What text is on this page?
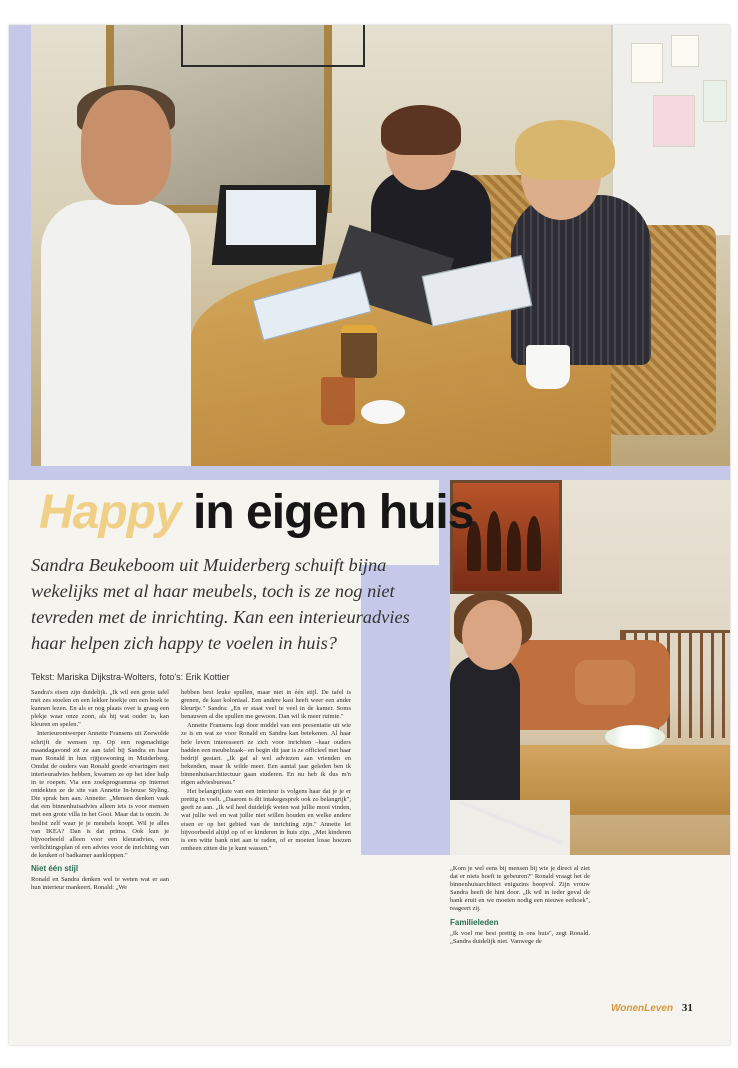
Happy in eigen huis

Sandra Beukeboom uit Muiderberg schuift bijna wekelijks met al haar meubels, toch is ze nog niet tevreden met de inrichting. Kan een interieuradvies haar helpen zich happy te voelen in huis?

Tekst: Mariska Dijkstra-Wolters, foto's: Erik Kottier

Sandra's eisen zijn duidelijk. „Ik wil een grote tafel met zes stoelen en een lekker hoekje om een boek te kunnen lezen. En als er nog plaats over is graag een plekje waar onze zoon, als hij wat ouder is, kan kleuren en spelen."

Interieurontwerper Annette Fransens uit Zeewolde schrijft de wensen op. Op een regenachtige maandagavond zit ze aan tafel bij Sandra en haar man Ronald in hun rijtjeswoning in Muiderberg. Omdat de ouders van Ronald goede ervaringen met interieuradvies hebben, kwamen ze op het idee hulp in te roepen. Via een zoekprogramma op internet ontdekten ze de site van Annette In-house Styling. Die sprak hen aan. Annette: „Mensen denken vaak dat een binnenhuisadvies alleen iets is voor mensen met een grote villa in het Gooi. Maar dat is onzin. Je beslist zelf waar je je meubels koopt. Wil je alles van IKEA? Dan is dat prima. Ook kun je bijvoorbeeld alleen voor een kleuradvies, een verlichtingsplan of een advies voor de inrichting van de keuken of badkamer aankloppen."

Niet één stijl

Ronald en Sandra denken wel te weten wat er aan hun interieur mankeert. Ronald: „We

hebben best leuke spullen, maar niet in één stijl. De tafel is grenen, de kast koloniaal. Een andere kast heeft weer een ander kleurtje." Sandra: „En er staat veel te veel in de kamer. Soms benauwen al die spullen me gewoon. Dan wil ik meer ruimte."

Annette Fransens legt door middel van een presentatie uit wie ze is en wat ze voor Ronald en Sandra kan betekenen. Al haar hele leven interesseert ze zich voor inrichten –haar ouders hadden een meubelzaak– en begin dit jaar is ze officieel met haar bedrijf gestart. „Ik gaf al wel adviezen aan vrienden en bekenden, maar ik wilde meer. Een aantal jaar geleden ben ik binnenhuisarchitectuur gaan studeren. En nu heb ik dus m'n eigen adviesbureau."

Het belangrijkste van een interieur is volgens haar dat je je er prettig in voelt. „Daarom is dit intakegesprek ook zo belangrijk", geeft ze aan. „Ik wil heel duidelijk weten wat jullie mooi vinden, wat jullie wel en wat jullie niet willen houden en welke andere eisen er op het gebied van de inrichting zijn." Annette let bijvoorbeeld altijd op of er kinderen in huis zijn. „Met kinderen is een witte bank niet aan te raden, of er moeten losse hoezen omheen zitten die je kunt wassen."

„Kom je wel eens bij mensen bij wie je direct al ziet dat er niets hoeft te gebeuren?" Ronald vraagt het de binnenhuisarchitect enigszins hoopvol. Zijn vrouw Sandra heeft de hint door. „Ik wil in ieder geval de bank eruit en we moeten nodig een nieuwe eethoek", reageert zij.

Familieleden

„Ik voel me best prettig in ons huis", zegt Ronald. „Sandra duidelijk niet. Vanwege de

WonenLeven 31
